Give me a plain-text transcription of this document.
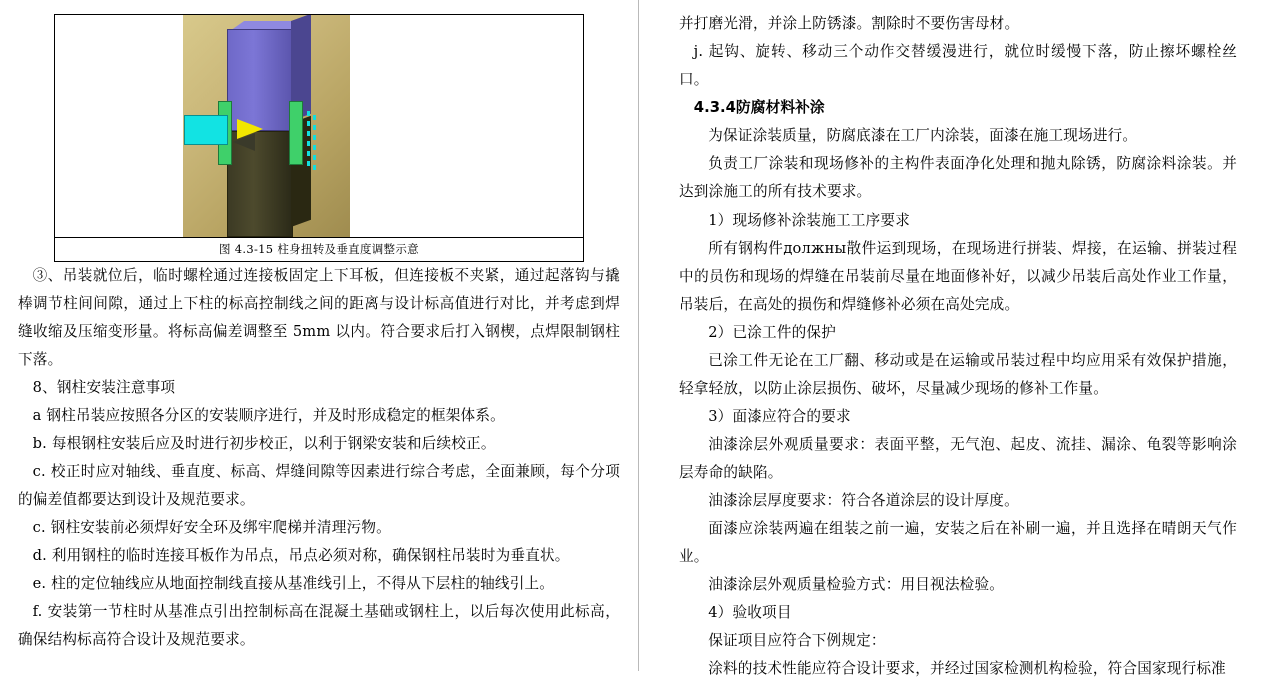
图 4.3-15 柱身扭转及垂直度调整示意

③、吊装就位后，临时螺栓通过连接板固定上下耳板，但连接板不夹紧，通过起落钩与撬棒调节柱间间隙，通过上下柱的标高控制线之间的距离与设计标高值进行对比，并考虑到焊缝收缩及压缩变形量。将标高偏差调整至 5mm 以内。符合要求后打入钢楔，点焊限制钢柱下落。

8、钢柱安装注意事项

a 钢柱吊装应按照各分区的安装顺序进行，并及时形成稳定的框架体系。

b. 每根钢柱安装后应及时进行初步校正，以利于钢梁安装和后续校正。

c. 校正时应对轴线、垂直度、标高、焊缝间隙等因素进行综合考虑，全面兼顾，每个分项的偏差值都要达到设计及规范要求。

c. 钢柱安装前必须焊好安全环及绑牢爬梯并清理污物。

d. 利用钢柱的临时连接耳板作为吊点，吊点必须对称，确保钢柱吊装时为垂直状。

e. 柱的定位轴线应从地面控制线直接从基准线引上，不得从下层柱的轴线引上。

f. 安装第一节柱时从基准点引出控制标高在混凝土基础或钢柱上，以后每次使用此标高，确保结构标高符合设计及规范要求。

并打磨光滑，并涂上防锈漆。割除时不要伤害母材。

j. 起钩、旋转、移动三个动作交替缓漫进行，就位时缓慢下落，防止擦坏螺栓丝口。

4.3.4防腐材料补涂

为保证涂装质量，防腐底漆在工厂内涂装，面漆在施工现场进行。

负责工厂涂装和现场修补的主构件表面净化处理和抛丸除锈，防腐涂料涂装。并达到涂施工的所有技术要求。

1）现场修补涂装施工工序要求

所有钢构件должны散件运到现场，在现场进行拼装、焊接，在运输、拼装过程中的员伤和现场的焊缝在吊装前尽量在地面修补好，以减少吊装后高处作业工作量，吊装后，在高处的损伤和焊缝修补必须在高处完成。

2）已涂工件的保护

已涂工件无论在工厂翻、移动或是在运输或吊装过程中均应用采有效保护措施，轻拿轻放，以防止涂层损伤、破坏，尽量减少现场的修补工作量。

3）面漆应符合的要求

油漆涂层外观质量要求：表面平整，无气泡、起皮、流挂、漏涂、龟裂等影响涂层寿命的缺陷。

油漆涂层厚度要求：符合各道涂层的设计厚度。

面漆应涂装两遍在组装之前一遍，安装之后在补刷一遍，并且选择在晴朗天气作业。

油漆涂层外观质量检验方式：用目视法检验。

4）验收项目

保证项目应符合下例规定：

涂料的技术性能应符合设计要求，并经过国家检测机构检验，符合国家现行标准
